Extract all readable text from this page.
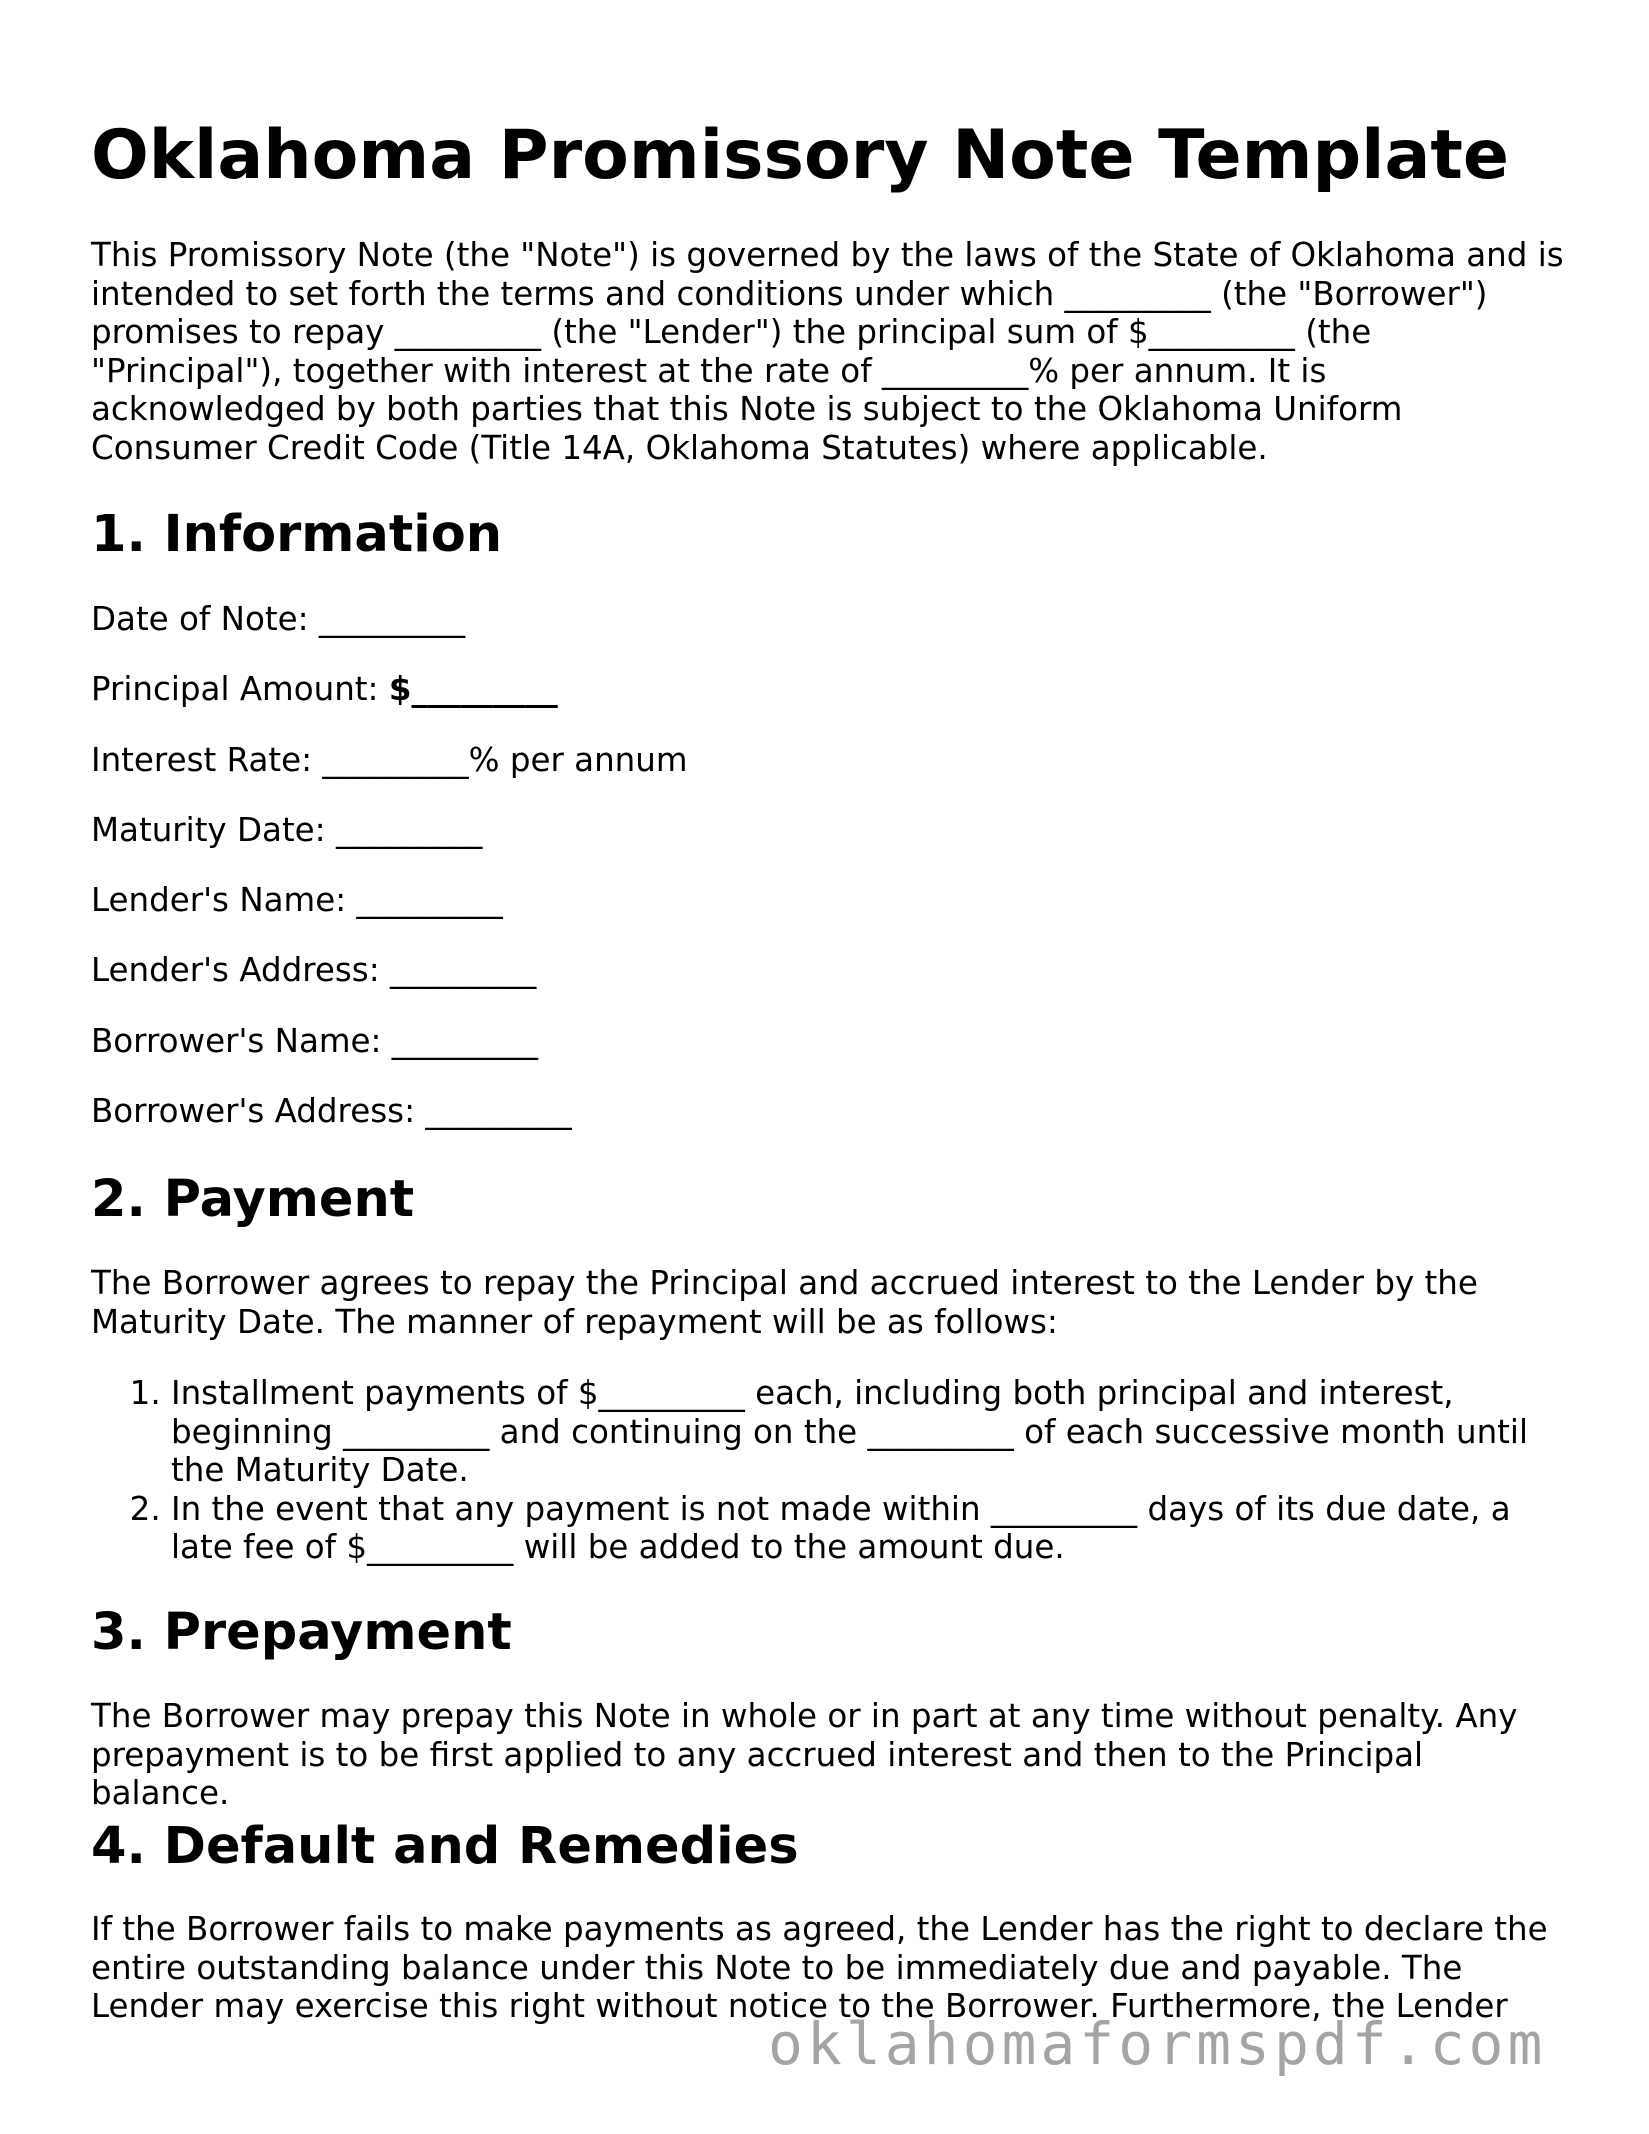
Oklahoma Promissory Note Template

This Promissory Note (the "Note") is governed by the laws of the State of Oklahoma and is intended to set forth the terms and conditions under which _________ (the "Borrower") promises to repay _________ (the "Lender") the principal sum of $_________ (the "Principal"), together with interest at the rate of _________% per annum. It is acknowledged by both parties that this Note is subject to the Oklahoma Uniform Consumer Credit Code (Title 14A, Oklahoma Statutes) where applicable.

1. Information

Date of Note: _________

Principal Amount: $_________

Interest Rate: _________% per annum

Maturity Date: _________

Lender's Name: _________

Lender's Address: _________

Borrower's Name: _________

Borrower's Address: _________

2. Payment

The Borrower agrees to repay the Principal and accrued interest to the Lender by the Maturity Date. The manner of repayment will be as follows:

1. Installment payments of $_________ each, including both principal and interest, beginning _________ and continuing on the _________ of each successive month until the Maturity Date.
2. In the event that any payment is not made within _________ days of its due date, a late fee of $_________ will be added to the amount due.
3. Prepayment

The Borrower may prepay this Note in whole or in part at any time without penalty. Any prepayment is to be first applied to any accrued interest and then to the Principal balance.

4. Default and Remedies

If the Borrower fails to make payments as agreed, the Lender has the right to declare the entire outstanding balance under this Note to be immediately due and payable. The Lender may exercise this right without notice to the Borrower. Furthermore, the Lender

oklahomaformspdf.com
